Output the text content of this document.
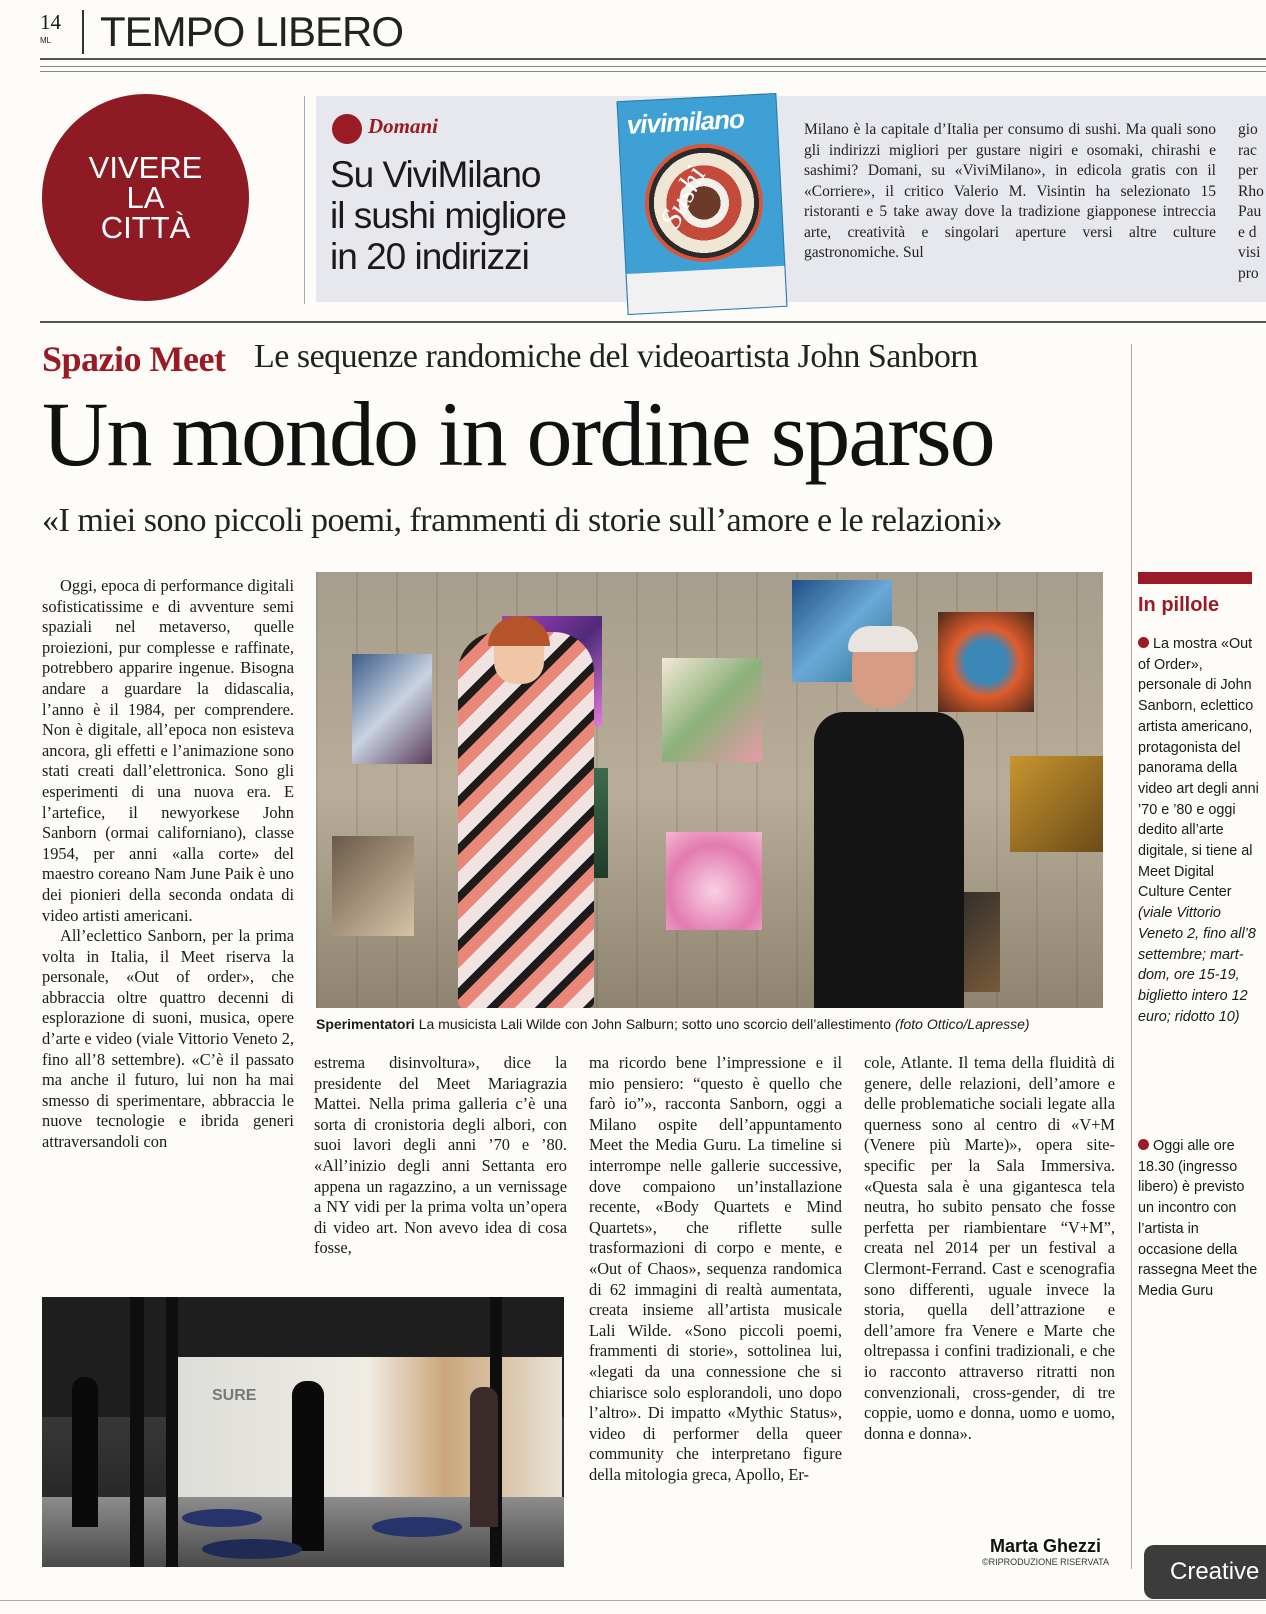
14
ML TEMPO LIBERO
VIVERE
LA
CITTÀ
Domani
Su ViviMilano
il sushi migliore
in 20 indirizzi
vivimilano
Sushi
Milano è la capitale d’Italia per consumo di sushi. Ma quali sono gli indirizzi migliori per gustare nigiri e osomaki, chirashi e sashimi? Domani, su «ViviMilano», in edicola gratis con il «Corriere», il critico Valerio M. Visintin ha selezionato 15 ristoranti e 5 take away dove la tradizione giapponese intreccia arte, creatività e singolari aperture versi altre culture gastronomiche. Sul
gio
rac
per
Rho
Pau
e d
visi
pro
Spazio Meet Le sequenze randomiche del videoartista John Sanborn
Un mondo in ordine sparso
«I miei sono piccoli poemi, frammenti di storie sull’amore e le relazioni»

Oggi, epoca di performance digitali sofisticatissime e di avventure semi spaziali nel metaverso, quelle proiezioni, pur complesse e raffinate, potrebbero apparire ingenue. Bisogna andare a guardare la didascalia, l’anno è il 1984, per comprendere. Non è digitale, all’epoca non esisteva ancora, gli effetti e l’animazione sono stati creati dall’elettronica. Sono gli esperimenti di una nuova era. E l’artefice, il newyorkese John Sanborn (ormai californiano), classe 1954, per anni «alla corte» del maestro coreano Nam June Paik è uno dei pionieri della seconda ondata di video artisti americani.

All’eclettico Sanborn, per la prima volta in Italia, il Meet riserva la personale, «Out of order», che abbraccia oltre quattro decenni di esplorazione di suoni, musica, opere d’arte e video (viale Vittorio Veneto 2, fino all’8 settembre). «C’è il passato ma anche il futuro, lui non ha mai smesso di sperimentare, abbraccia le nuove tecnologie e ibrida generi attraversandoli con

Sperimentatori La musicista Lali Wilde con John Salburn; sotto uno scorcio dell’allestimento (foto Ottico/Lapresse)
estrema disinvoltura», dice la presidente del Meet Mariagrazia Mattei. Nella prima galleria c’è una sorta di cronistoria degli albori, con suoi lavori degli anni ’70 e ’80. «All’inizio degli anni Settanta ero appena un ragazzino, a un vernissage a NY vidi per la prima volta un’opera di video art. Non avevo idea di cosa fosse,
ma ricordo bene l’impressione e il mio pensiero: “questo è quello che farò io”», racconta Sanborn, oggi a Milano ospite dell’appuntamento Meet the Media Guru. La timeline si interrompe nelle gallerie successive, dove compaiono un’installazione recente, «Body Quartets e Mind Quartets», che riflette sulle trasformazioni di corpo e mente, e «Out of Chaos», sequenza randomica di 62 immagini di realtà aumentata, creata insieme all’artista musicale Lali Wilde. «Sono piccoli poemi, frammenti di storie», sottolinea lui, «legati da una connessione che si chiarisce solo esplorandoli, uno dopo l’altro». Di impatto «Mythic Status», video di performer della queer community che interpretano figure della mitologia greca, Apollo, Er-
cole, Atlante. Il tema della fluidità di genere, delle relazioni, dell’amore e delle problematiche sociali legate alla querness sono al centro di «V+M (Venere più Marte)», opera site-specific per la Sala Immersiva. «Questa sala è una gigantesca tela neutra, ho subito pensato che fosse perfetta per riambientare “V+M”, creata nel 2014 per un festival a Clermont-Ferrand. Cast e scenografia sono differenti, uguale invece la storia, quella dell’attrazione e dell’amore fra Venere e Marte che oltrepassa i confini tradizionali, e che io racconto attraverso ritratti non convenzionali, cross-gender, di tre coppie, uomo e donna, uomo e uomo, donna e donna».
SURE
Marta Ghezzi
©RIPRODUZIONE RISERVATA
In pillole
La mostra «Out of Order», personale di John Sanborn, eclettico artista americano, protagonista del panorama della video art degli anni ’70 e ’80 e oggi dedito all’arte digitale, si tiene al Meet Digital Culture Center (viale Vittorio Veneto 2, fino all’8 settembre; mart-dom, ore 15-19, biglietto intero 12 euro; ridotto 10)
Oggi alle ore 18.30 (ingresso libero) è previsto un incontro con l’artista in occasione della rassegna Meet the Media Guru
Creative
